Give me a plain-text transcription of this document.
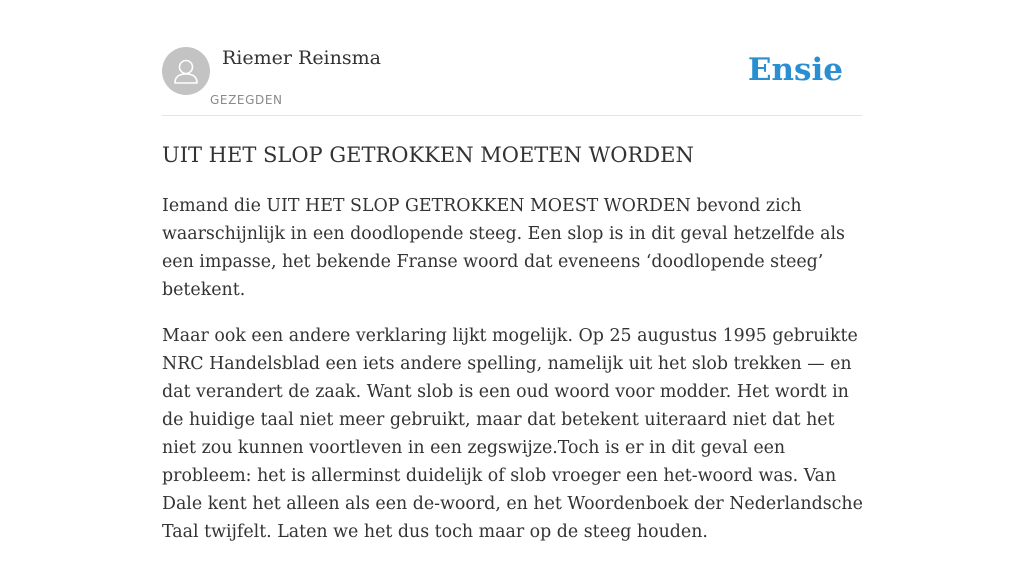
Riemer Reinsma
GEZEGDEN
Ensie
UIT HET SLOP GETROKKEN MOETEN WORDEN

Iemand die UIT HET SLOP GETROKKEN MOEST WORDEN bevond zich waarschijnlijk in een doodlopende steeg. Een slop is in dit geval hetzelfde als een impasse, het bekende Franse woord dat eveneens ‘doodlopende steeg’ betekent.

Maar ook een andere verklaring lijkt mogelijk. Op 25 augustus 1995 gebruikte NRC Handelsblad een iets andere spelling, namelijk uit het slob trekken — en dat verandert de zaak. Want slob is een oud woord voor modder. Het wordt in de huidige taal niet meer gebruikt, maar dat betekent uiteraard niet dat het niet zou kunnen voortleven in een zegswijze.Toch is er in dit geval een probleem: het is allerminst duidelijk of slob vroeger een het-woord was. Van Dale kent het alleen als een de-woord, en het Woordenboek der Nederlandsche Taal twijfelt. Laten we het dus toch maar op de steeg houden.
